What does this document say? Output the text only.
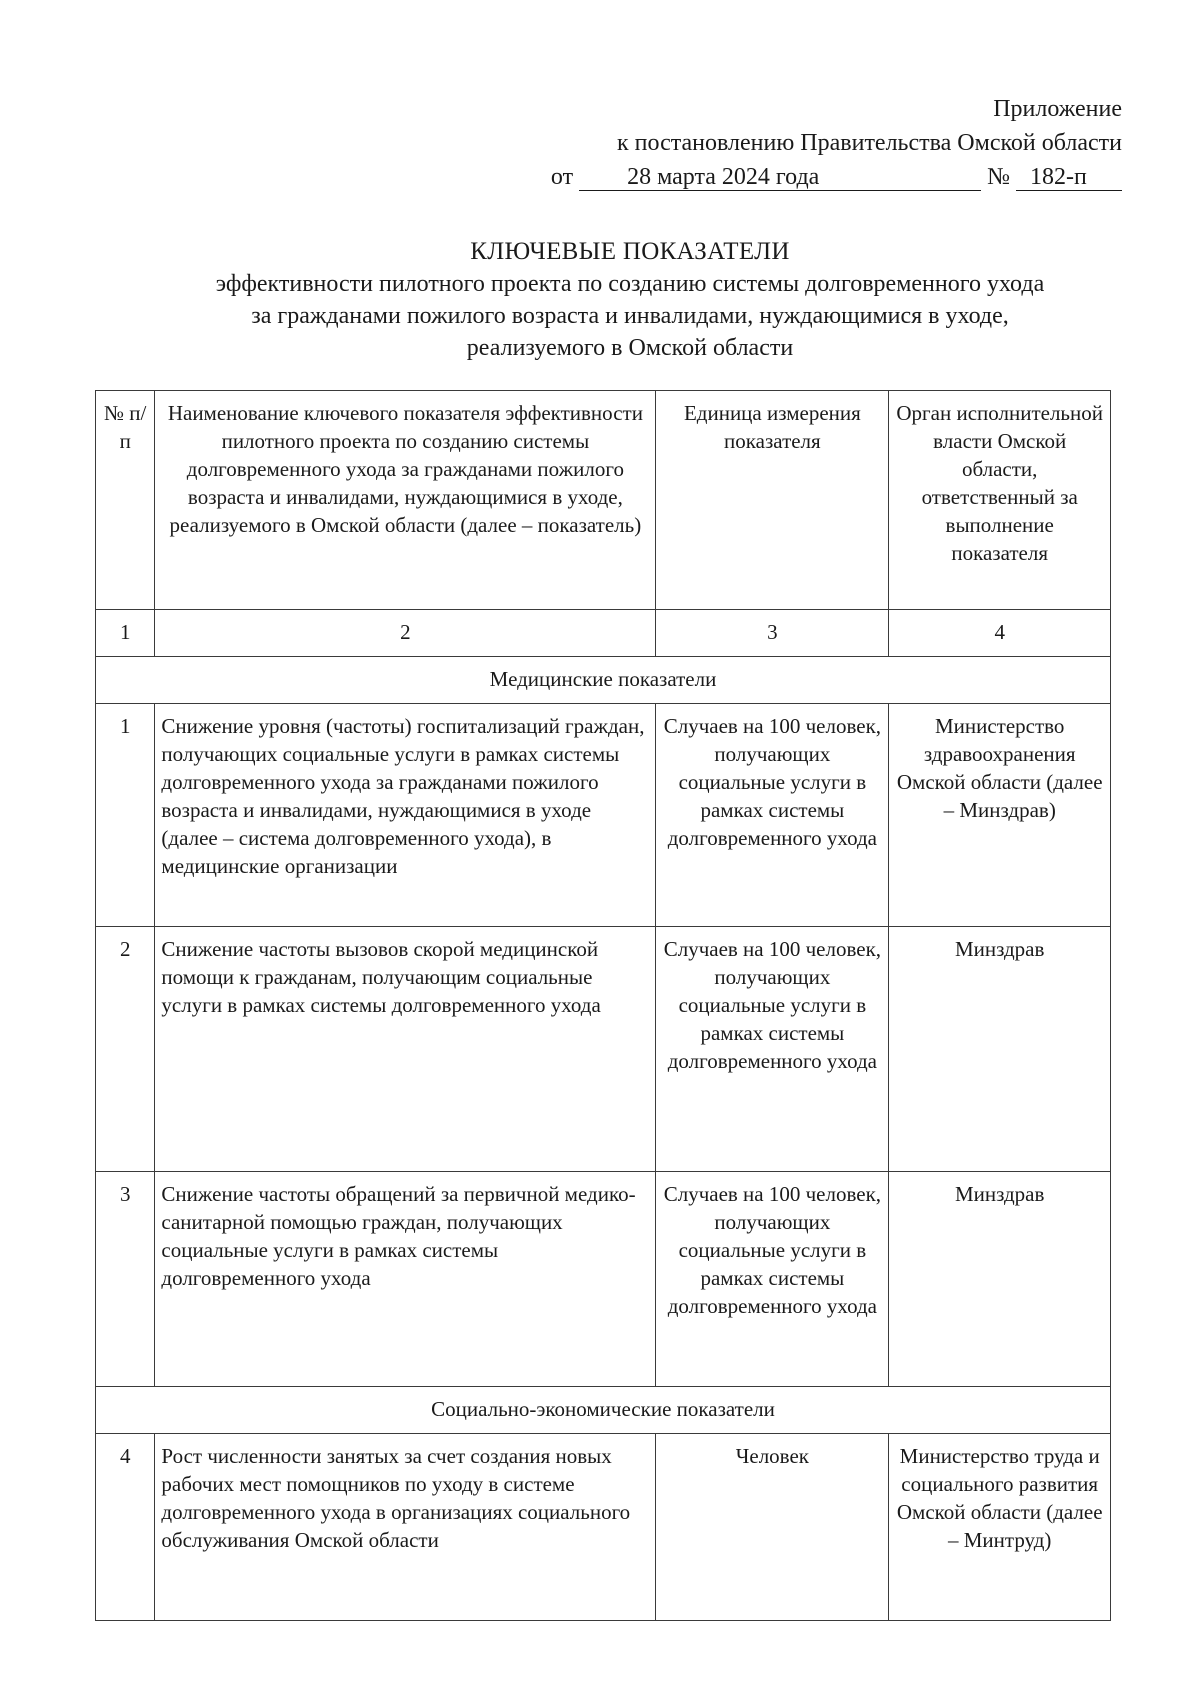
Приложение
к постановлению Правительства Омской области
от	28 марта 2024 года	№ 182-п
КЛЮЧЕВЫЕ ПОКАЗАТЕЛИ
эффективности пилотного проекта по созданию системы долговременного ухода
за гражданами пожилого возраста и инвалидами, нуждающимися в уходе,
реализуемого в Омской области
№ п/п	Наименование ключевого показателя эффективности пилотного проекта по созданию системы долговременного ухода за гражданами пожилого возраста и инвалидами, нуждающимися в уходе, реализуемого в Омской области (далее – показатель)	Единица измерения показателя	Орган исполнительной власти Омской области, ответственный за выполнение показателя
1	2	3	4
Медицинские показатели			
1	Снижение уровня (частоты) госпитализаций граждан, получающих социальные услуги в рамках системы долговременного ухода за гражданами пожилого возраста и инвалидами, нуждающимися в уходе (далее – система долговременного ухода), в медицинские организации	Случаев на 100 человек, получающих социальные услуги в рамках системы долговременного ухода	Министерство здравоохранения Омской области (далее – Минздрав)
2	Снижение частоты вызовов скорой медицинской помощи к гражданам, получающим социальные услуги в рамках системы долговременного ухода	Случаев на 100 человек, получающих социальные услуги в рамках системы долговременного ухода	Минздрав
3	Снижение частоты обращений за первичной медико-санитарной помощью граждан, получающих социальные услуги в рамках системы долговременного ухода	Случаев на 100 человек, получающих социальные услуги в рамках системы долговременного ухода	Минздрав
Социально-экономические показатели			
4	Рост численности занятых за счет создания новых рабочих мест помощников по уходу в системе долговременного ухода в организациях социального обслуживания Омской области	Человек	Министерство труда и социального развития Омской области (далее – Минтруд)
